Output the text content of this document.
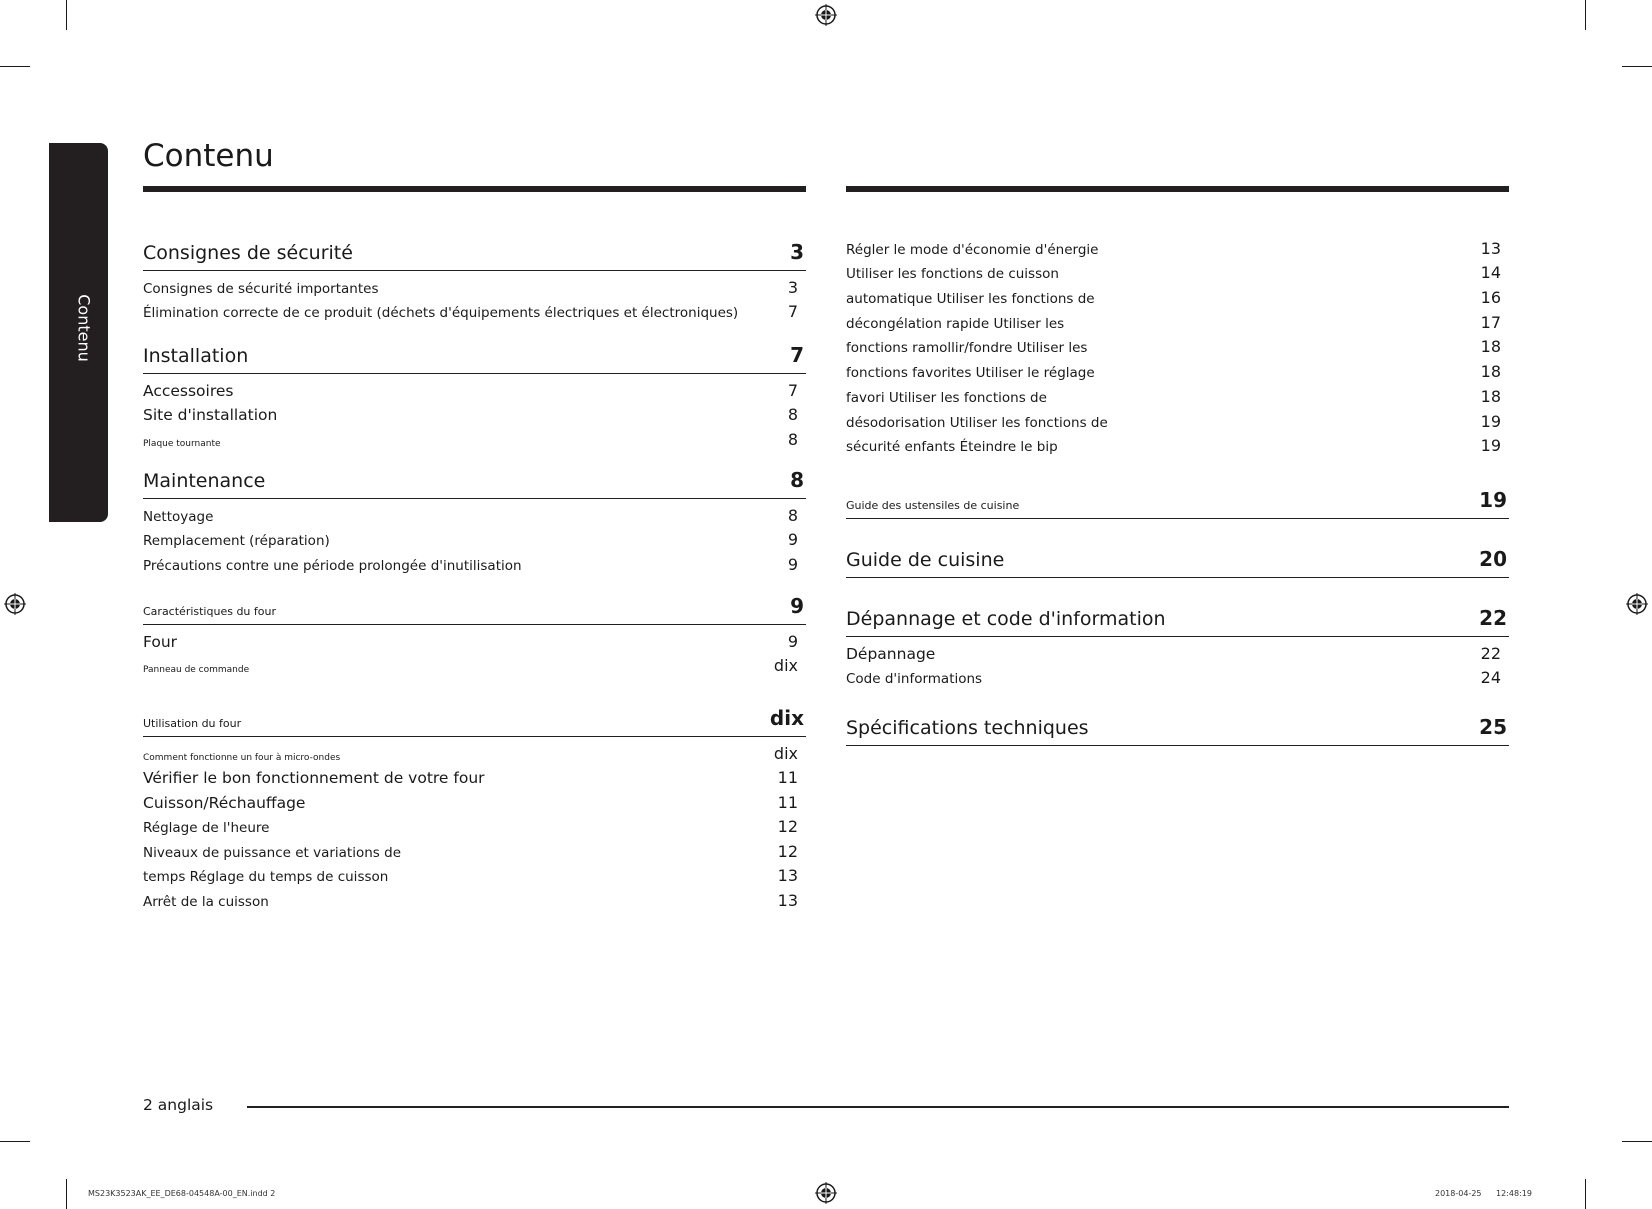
Contenu
Contenu
Consignes de sécurité	3
Consignes de sécurité importantes	3
Élimination correcte de ce produit (déchets d'équipements électriques et électroniques)	7
Installation	7
Accessoires	7
Site d'installation	8
Plaque tournante	8
Maintenance	8
Nettoyage	8
Remplacement (réparation)	9
Précautions contre une période prolongée d'inutilisation	9
Caractéristiques du four	9
Four	9
Panneau de commande	dix
Utilisation du four	dix
Comment fonctionne un four à micro-ondes	dix
Vérifier le bon fonctionnement de votre four	11
Cuisson/Réchauffage	11
Réglage de l'heure	12
Niveaux de puissance et variations de	12
temps Réglage du temps de cuisson	13
Arrêt de la cuisson	13
Régler le mode d'économie d'énergie	13
Utiliser les fonctions de cuisson	14
automatique Utiliser les fonctions de	16
décongélation rapide Utiliser les	17
fonctions ramollir/fondre Utiliser les	18
fonctions favorites Utiliser le réglage	18
favori Utiliser les fonctions de	18
désodorisation Utiliser les fonctions de	19
sécurité enfants Éteindre le bip	19
Guide des ustensiles de cuisine	19
Guide de cuisine	20
Dépannage et code d'information	22
Dépannage	22
Code d'informations	24
Spécifications techniques	25
2 anglais
MS23K3523AK_EE_DE68-04548A-00_EN.indd 2	2018-04-25 12:48:19
